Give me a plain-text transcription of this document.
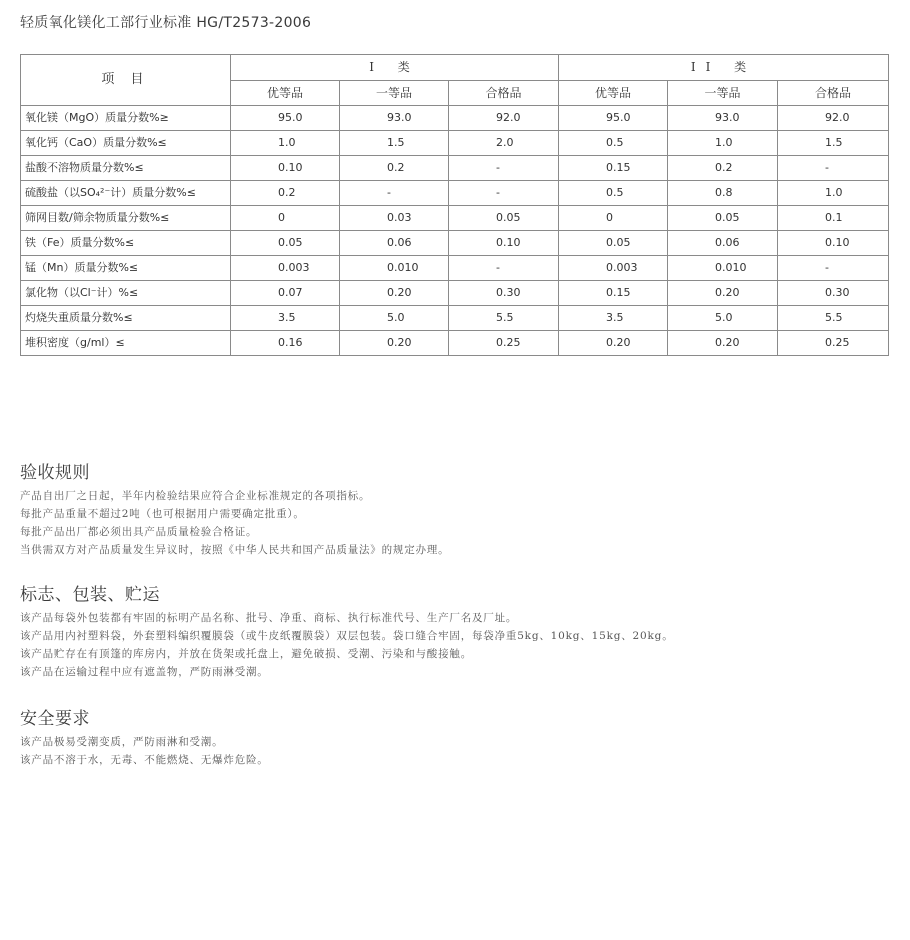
轻质氧化镁化工部行业标准 HG/T2573-2006
项 目	I 类			II 类		
	优等品	一等品	合格品	优等品	一等品	合格品
氧化镁（MgO）质量分数%≥	95.0	93.0	92.0	95.0	93.0	92.0
氧化钙（CaO）质量分数%≤	1.0	1.5	2.0	0.5	1.0	1.5
盐酸不溶物质量分数%≤	0.10	0.2	-	0.15	0.2	-
硫酸盐（以SO₄²⁻计）质量分数%≤	0.2	-	-	0.5	0.8	1.0
筛网目数/筛余物质量分数%≤	0	0.03	0.05	0	0.05	0.1
铁（Fe）质量分数%≤	0.05	0.06	0.10	0.05	0.06	0.10
锰（Mn）质量分数%≤	0.003	0.010	-	0.003	0.010	-
氯化物（以Cl⁻计）%≤	0.07	0.20	0.30	0.15	0.20	0.30
灼烧失重质量分数%≤	3.5	5.0	5.5	3.5	5.0	5.5
堆积密度（g/ml）≤	0.16	0.20	0.25	0.20	0.20	0.25
验收规则

产品自出厂之日起，半年内检验结果应符合企业标准规定的各项指标。

每批产品重量不超过2吨（也可根据用户需要确定批重）。

每批产品出厂都必须出具产品质量检验合格证。

当供需双方对产品质量发生异议时，按照《中华人民共和国产品质量法》的规定办理。

标志、包装、贮运

该产品每袋外包装都有牢固的标明产品名称、批号、净重、商标、执行标准代号、生产厂名及厂址。

该产品用内衬塑料袋，外套塑料编织覆膜袋（或牛皮纸覆膜袋）双层包装。袋口缝合牢固，每袋净重5kg、10kg、15kg、20kg。

该产品贮存在有顶篷的库房内，并放在货架或托盘上，避免破损、受潮、污染和与酸接触。

该产品在运输过程中应有遮盖物，严防雨淋受潮。

安全要求

该产品极易受潮变质，严防雨淋和受潮。

该产品不溶于水，无毒、不能燃烧、无爆炸危险。
